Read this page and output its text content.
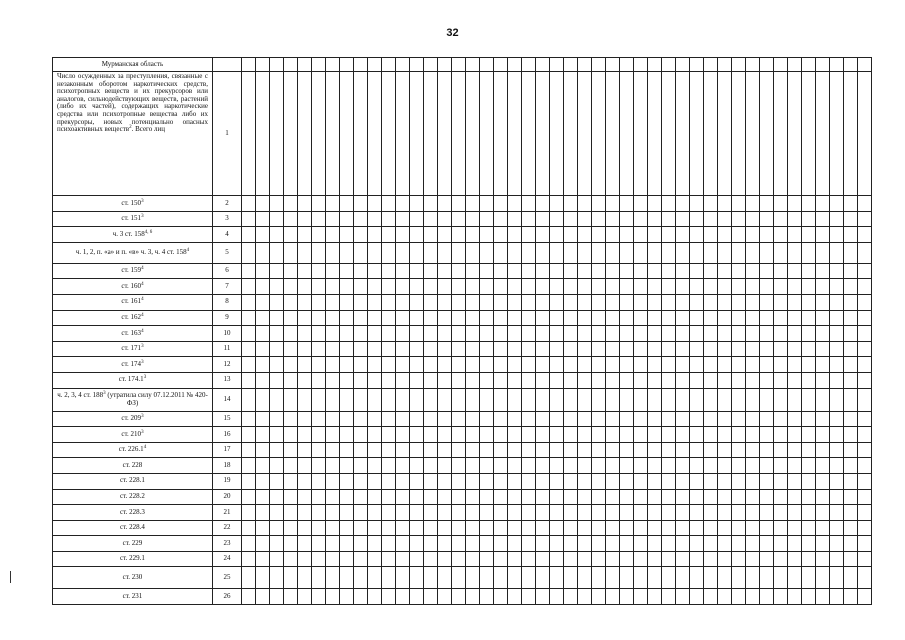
32
Мурманская область																																														
Число осужденных за преступления, связанные с незаконным оборотом наркотических средств, психотропных веществ и их прекурсоров или аналогов, сильнодействующих веществ, растений (либо их частей), содержащих наркотические средства или психотропные вещества либо их прекурсоры, новых потенциально опасных психоактивных веществ$^2$. Всего лиц	1																																													
ст. $150^3$	2																																													
ст. $151^3$	3																																													
ч. 3 ст. 158$^{4, 6}$	4																																													
ч. 1, 2, п. «а» и п. «в» ч. 3, ч. 4 ст. $158^4$	5																																													
ст. $159^4$	6																																													
ст. $160^4$	7																																													
ст. $161^4$	8																																													
ст. $162^4$	9																																													
ст. $163^4$	10																																													
ст. $171^3$	11																																													
ст. $174^3$	12																																													
ст. 174.1$^3$	13																																													
ч. 2, 3, 4 ст. $188^3$ (утратила силу 07.12.2011 № 420-ФЗ)	14																																													
ст. $209^3$	15																																													
ст. $210^3$	16																																													
ст. 226.1$^4$	17																																													
ст. 228	18																																													
ст. 228.1	19																																													
ст. 228.2	20																																													
ст. 228.3	21																																													
ст. 228.4	22																																													
ст. 229	23																																													
ст. 229.1	24																																													
ст. 230	25																																													
ст. 231	26																																													
